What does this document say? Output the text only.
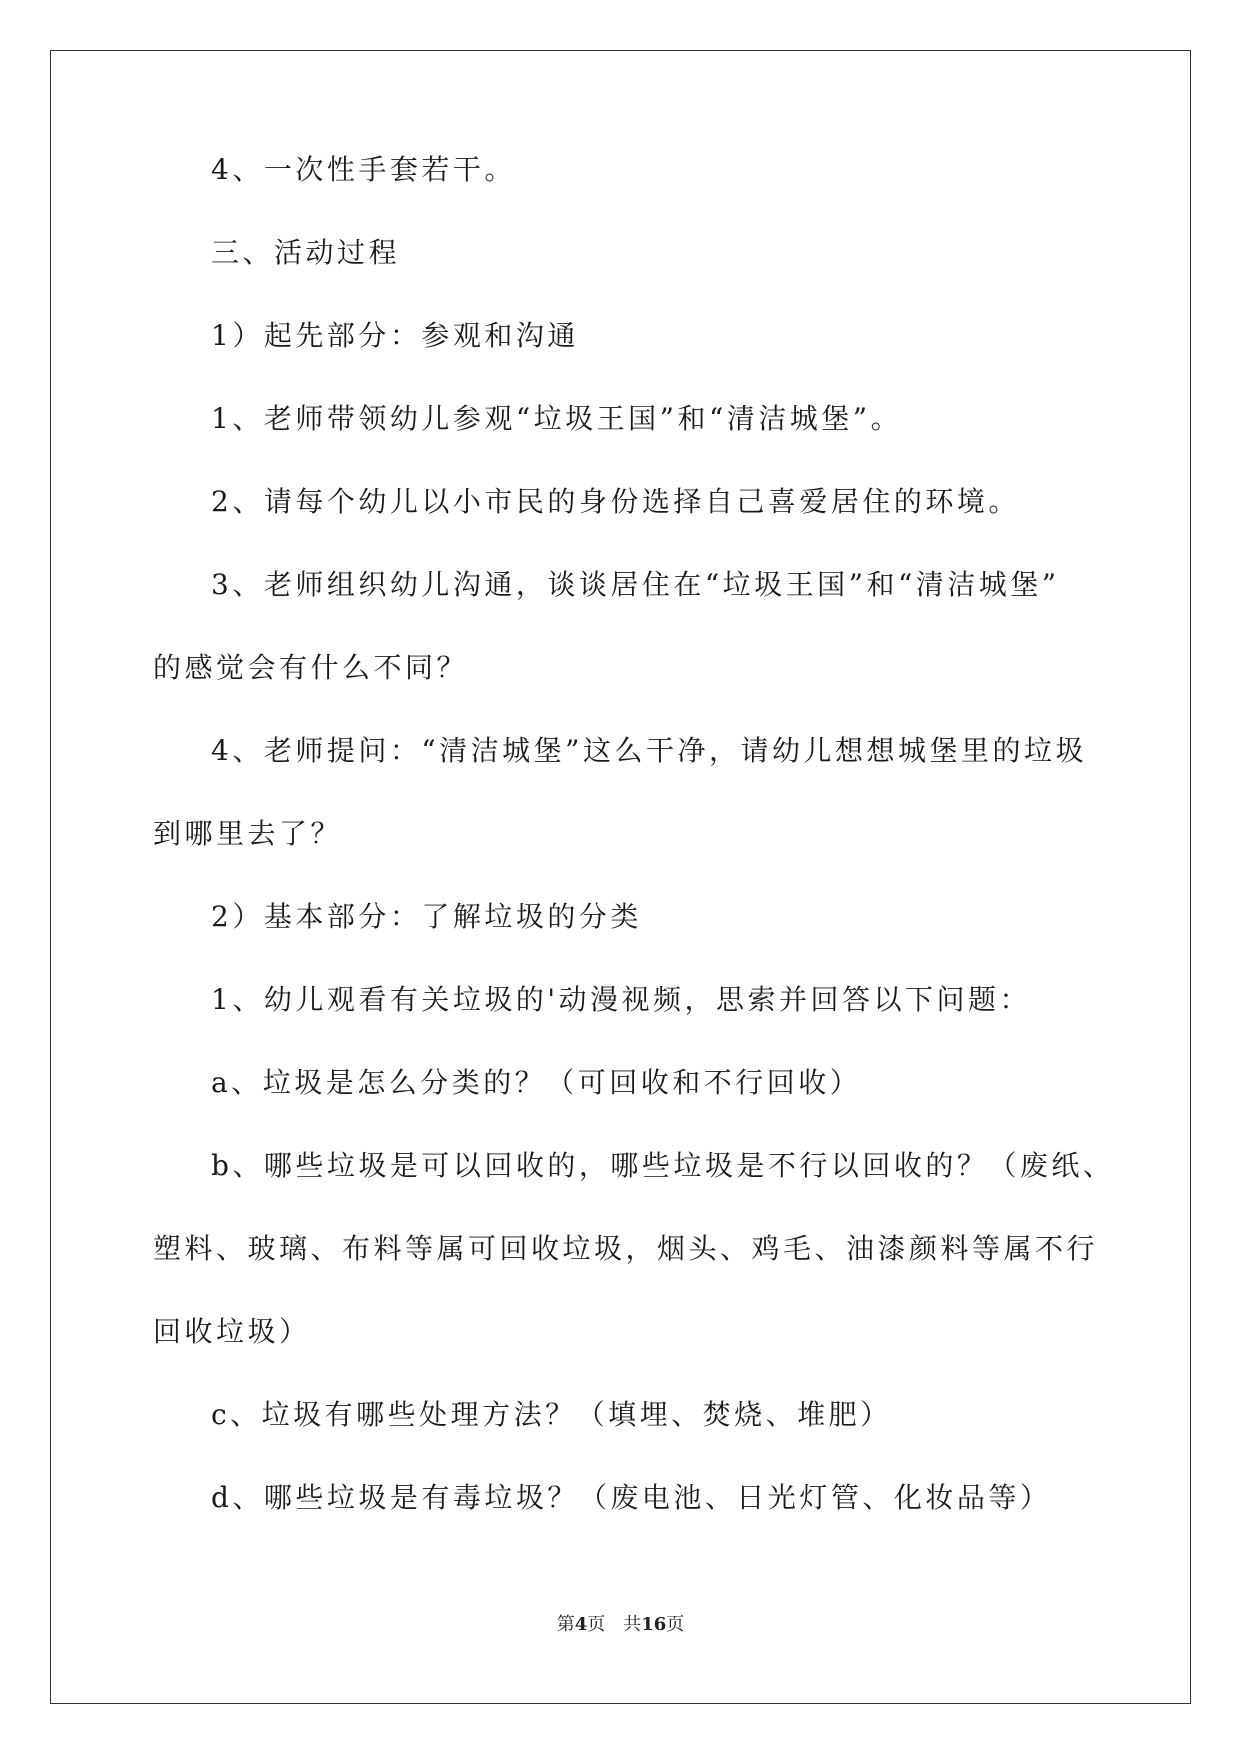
4、一次性手套若干。

三、活动过程

1）起先部分：参观和沟通

1、老师带领幼儿参观“垃圾王国”和“清洁城堡”。

2、请每个幼儿以小市民的身份选择自己喜爱居住的环境。

3、老师组织幼儿沟通，谈谈居住在“垃圾王国”和“清洁城堡”

的感觉会有什么不同？

4、老师提问：“清洁城堡”这么干净，请幼儿想想城堡里的垃圾

到哪里去了？

2）基本部分：了解垃圾的分类

1、幼儿观看有关垃圾的'动漫视频，思索并回答以下问题：

a、垃圾是怎么分类的？（可回收和不行回收）

b、哪些垃圾是可以回收的，哪些垃圾是不行以回收的？（废纸、

塑料、玻璃、布料等属可回收垃圾，烟头、鸡毛、油漆颜料等属不行

回收垃圾）

c、垃圾有哪些处理方法？（填埋、焚烧、堆肥）

d、哪些垃圾是有毒垃圾？（废电池、日光灯管、化妆品等）

第4页 共16页
